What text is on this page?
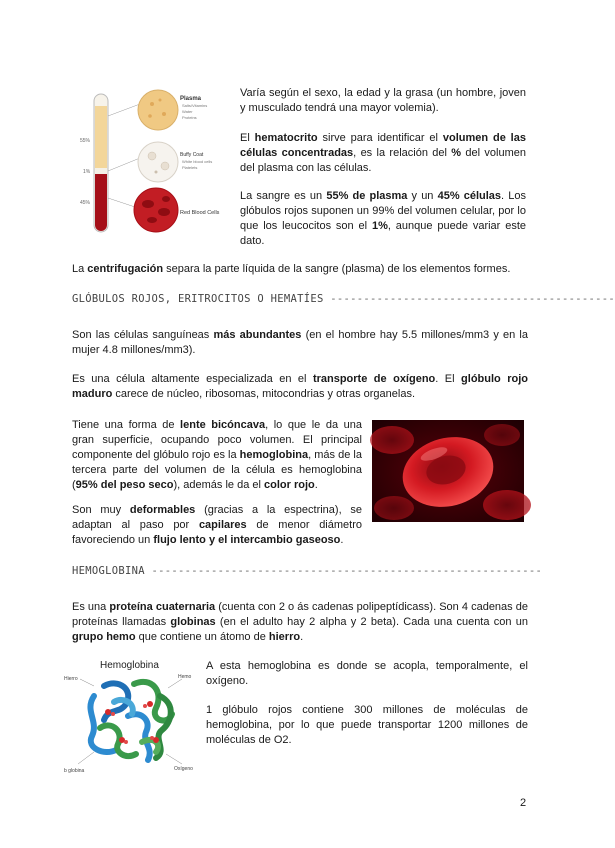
55%
1%
45%
Plasma
Salts/Vitamins
Water
Proteins
Buffy Coat
White blood cells
Platelets
Red Blood Cells

Varía según el sexo, la edad y la grasa (un hombre, joven y musculado tendrá una mayor volemia).

El hematocrito sirve para identificar el volumen de las células concentradas, es la relación del % del volumen del plasma con las células.

La sangre es un 55% de plasma y un 45% células. Los glóbulos rojos suponen un 99% del volumen celular, por lo que los leucocitos son el 1%, aunque puede variar este dato.

La centrifugación separa la parte líquida de la sangre (plasma) de los elementos formes.

GLÓBULOS ROJOS, ERITROCITOS O HEMATÍES -------------------------------------------

Son las células sanguíneas más abundantes (en el hombre hay 5.5 millones/mm3 y en la mujer 4.8 millones/mm3).

Es una célula altamente especializada en el transporte de oxígeno. El glóbulo rojo maduro carece de núcleo, ribosomas, mitocondrias y otras organelas.

Tiene una forma de lente bicóncava, lo que le da una gran superficie, ocupando poco volumen. El principal componente del glóbulo rojo es la hemoglobina, más de la tercera parte del volumen de la célula es hemoglobina (95% del peso seco), además le da el color rojo.

Son muy deformables (gracias a la espectrina), se adaptan al paso por capilares de menor diámetro favoreciendo un flujo lento y el intercambio gaseoso.

HEMOGLOBINA -----------------------------------------------------------

Es una proteína cuaternaria (cuenta con 2 o ás cadenas polipeptídicass). Son 4 cadenas de proteínas llamadas globinas (en el adulto hay 2 alpha y 2 beta). Cada una cuenta con un grupo hemo que contiene un átomo de hierro.

Hemoglobina
Hierro	Hemo
b globina	Oxígeno

A esta hemoglobina es donde se acopla, temporalmente, el oxígeno.

1 glóbulo rojos contiene 300 millones de moléculas de hemoglobina, por lo que puede transportar 1200 millones de moléculas de O2.

2
